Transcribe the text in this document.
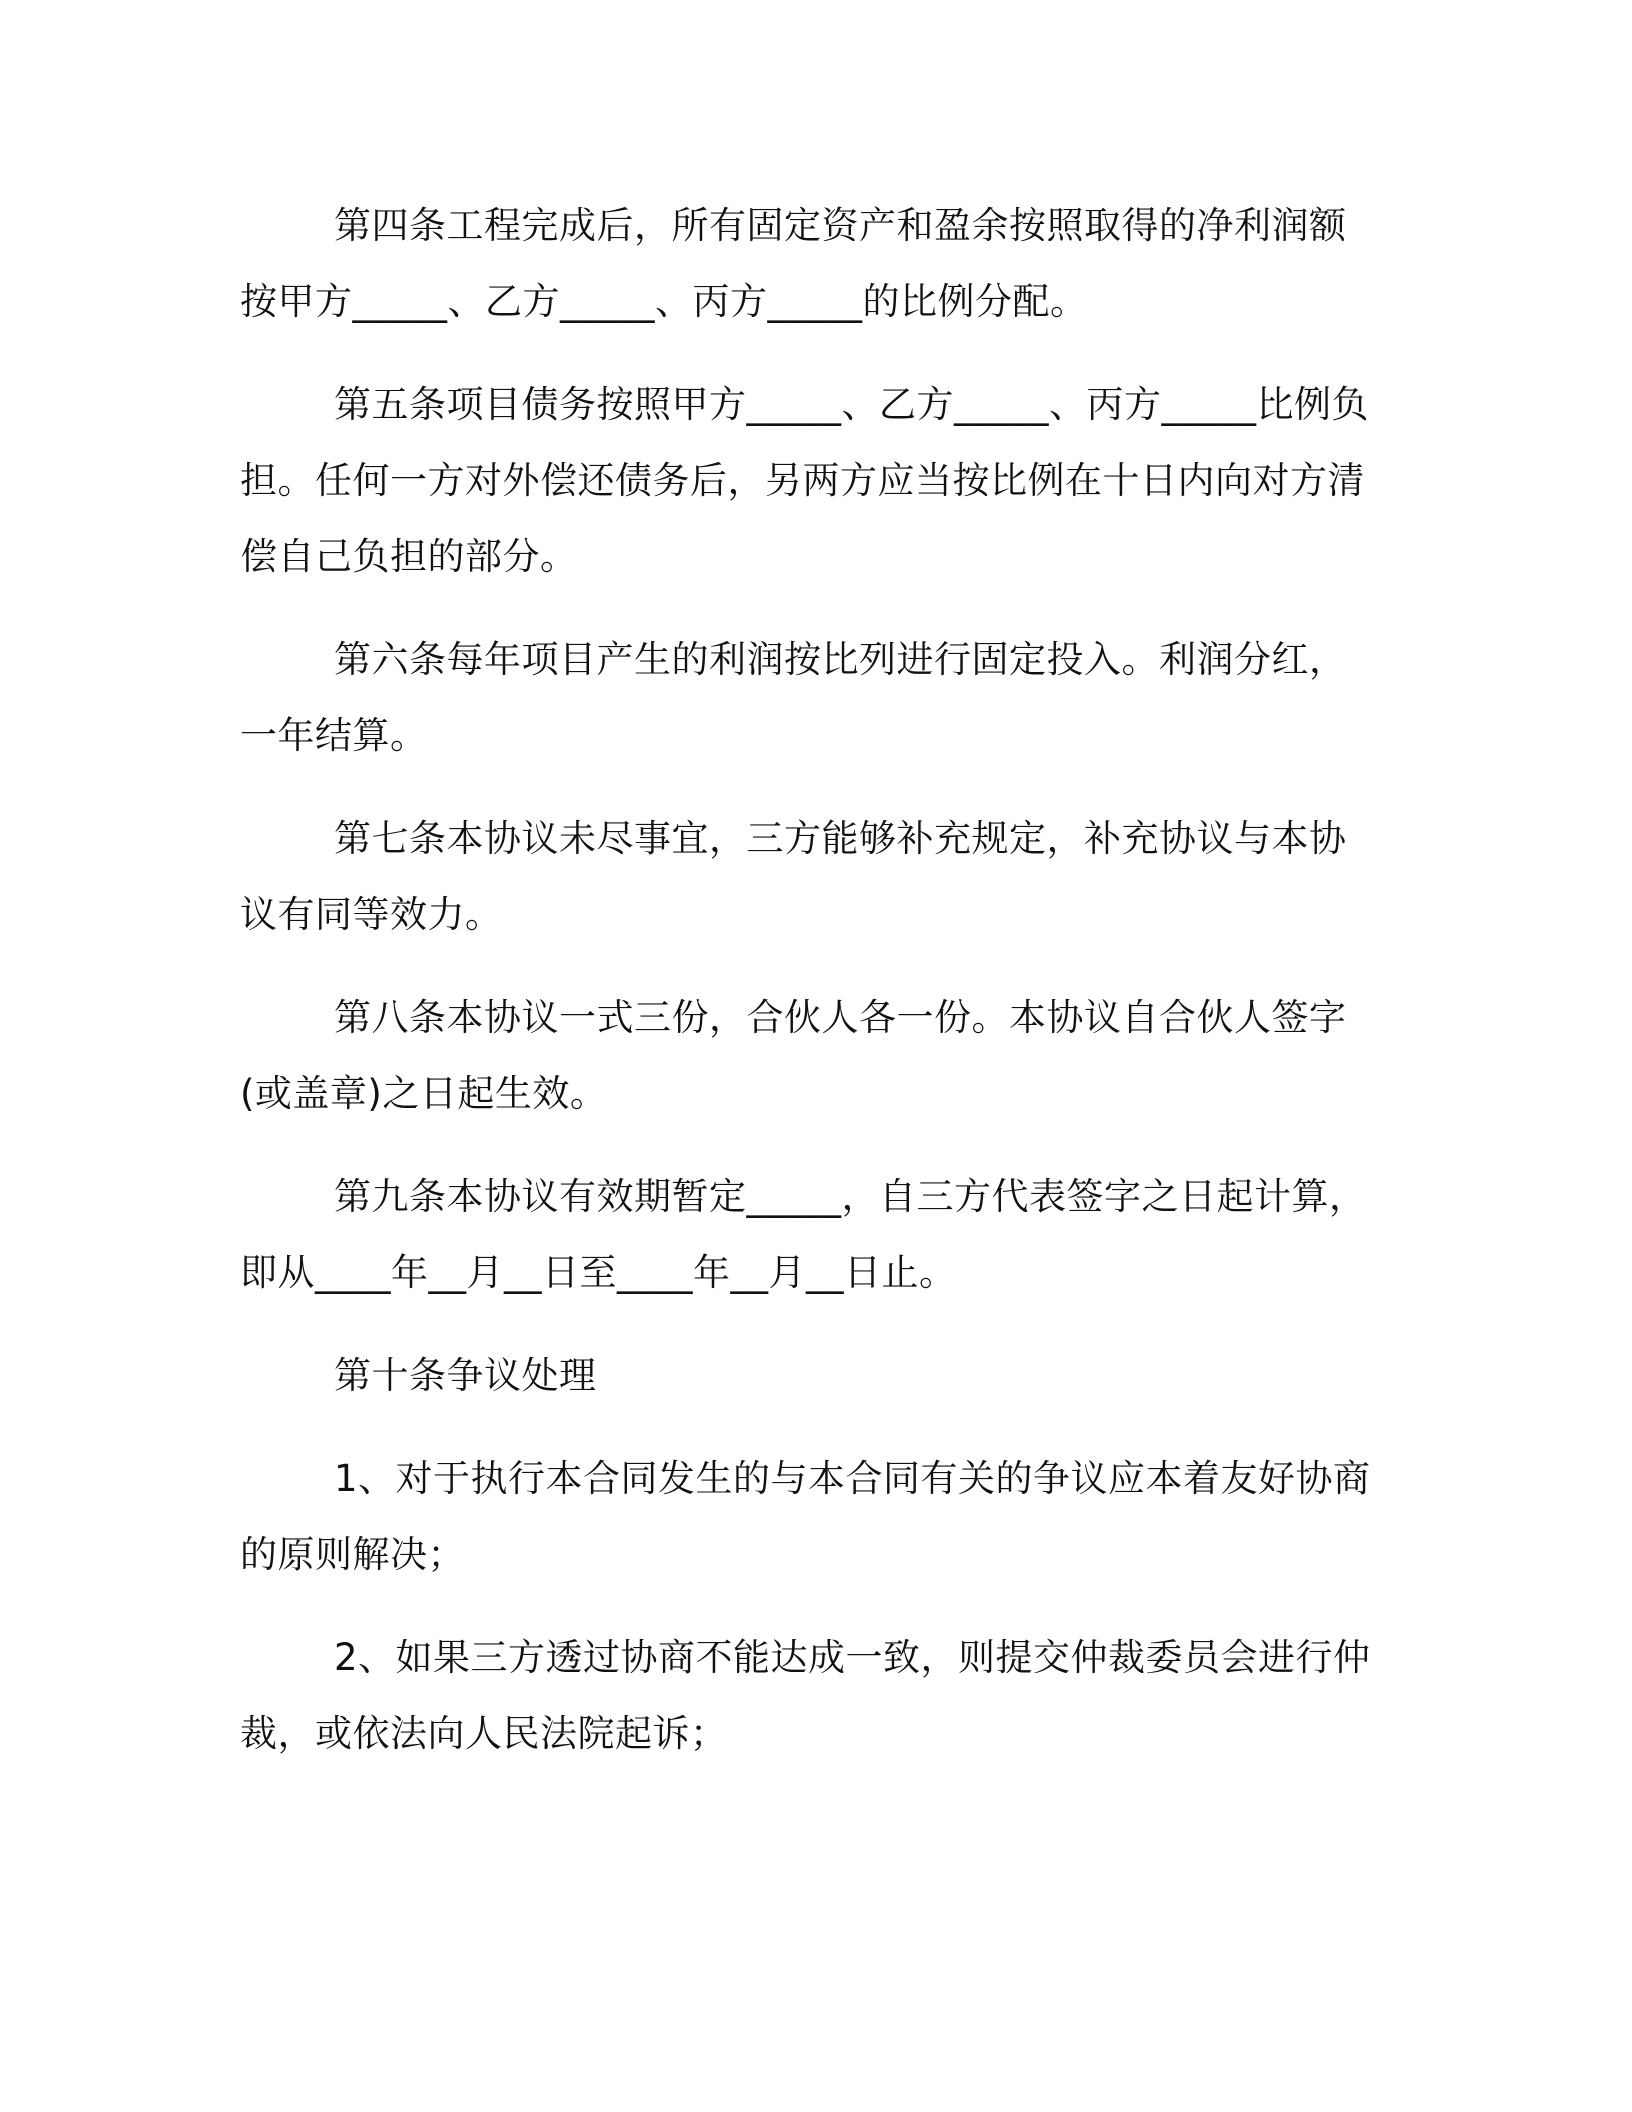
第四条工程完成后，所有固定资产和盈余按照取得的净利润额按甲方_____、乙方_____、丙方_____的比例分配。

第五条项目债务按照甲方_____、乙方_____、丙方_____比例负担。任何一方对外偿还债务后，另两方应当按比例在十日内向对方清偿自己负担的部分。

第六条每年项目产生的利润按比列进行固定投入。利润分红，一年结算。

第七条本协议未尽事宜，三方能够补充规定，补充协议与本协议有同等效力。

第八条本协议一式三份，合伙人各一份。本协议自合伙人签字(或盖章)之日起生效。

第九条本协议有效期暂定_____，自三方代表签字之日起计算，即从____年__月__日至____年__月__日止。

第十条争议处理

1、对于执行本合同发生的与本合同有关的争议应本着友好协商的原则解决；

2、如果三方透过协商不能达成一致，则提交仲裁委员会进行仲裁，或依法向人民法院起诉；
